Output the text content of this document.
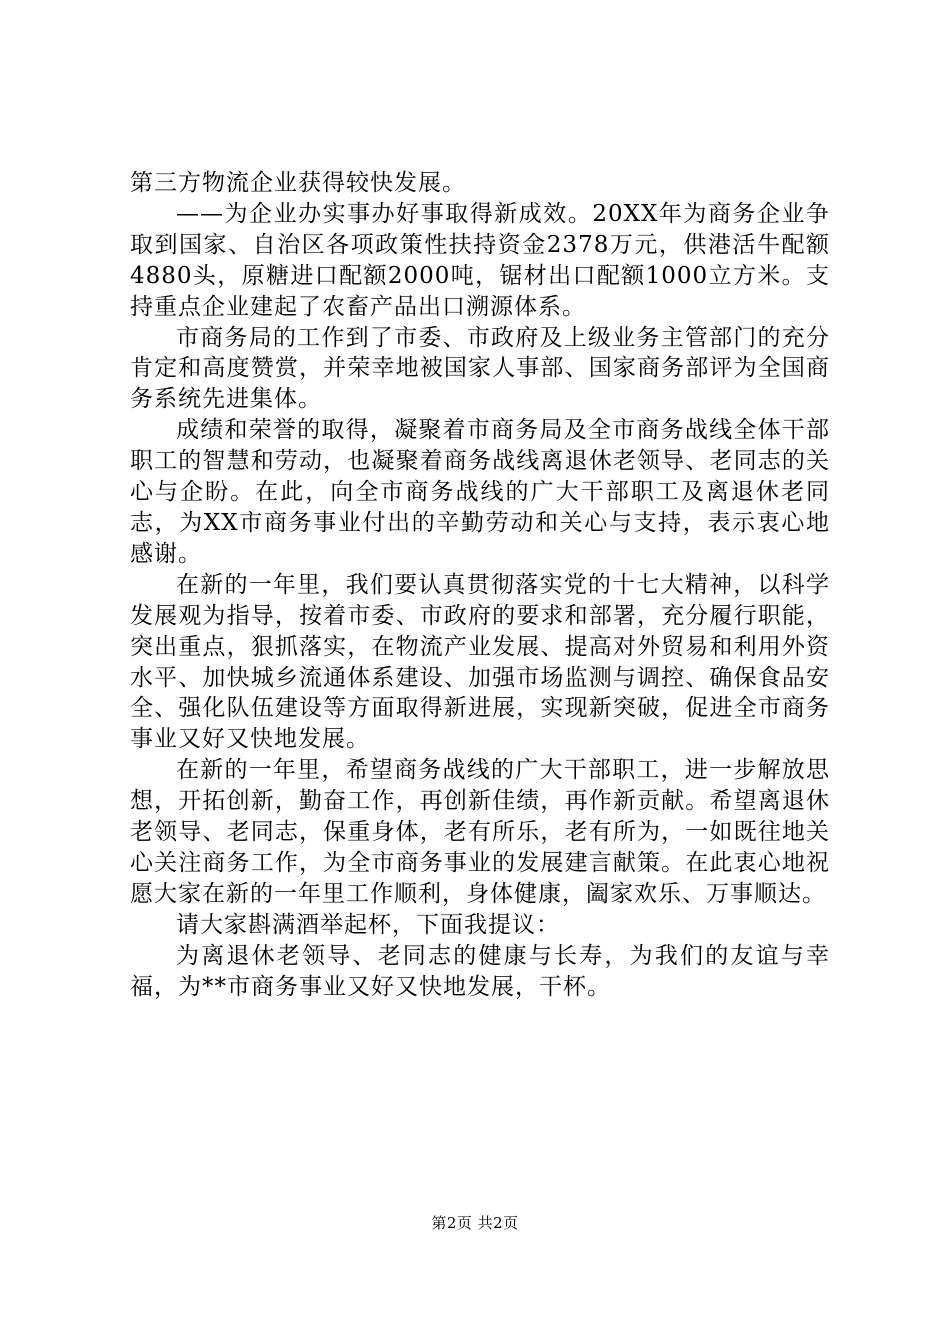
第三方物流企业获得较快发展。

——为企业办实事办好事取得新成效。20XX年为商务企业争取到国家、自治区各项政策性扶持资金2378万元，供港活牛配额4880头，原糖进口配额2000吨，锯材出口配额1000立方米。支持重点企业建起了农畜产品出口溯源体系。

市商务局的工作到了市委、市政府及上级业务主管部门的充分肯定和高度赞赏，并荣幸地被国家人事部、国家商务部评为全国商务系统先进集体。

成绩和荣誉的取得，凝聚着市商务局及全市商务战线全体干部职工的智慧和劳动，也凝聚着商务战线离退休老领导、老同志的关心与企盼。在此，向全市商务战线的广大干部职工及离退休老同志，为XX市商务事业付出的辛勤劳动和关心与支持，表示衷心地感谢。

在新的一年里，我们要认真贯彻落实党的十七大精神，以科学发展观为指导，按着市委、市政府的要求和部署，充分履行职能，突出重点，狠抓落实，在物流产业发展、提高对外贸易和利用外资水平、加快城乡流通体系建设、加强市场监测与调控、确保食品安全、强化队伍建设等方面取得新进展，实现新突破，促进全市商务事业又好又快地发展。

在新的一年里，希望商务战线的广大干部职工，进一步解放思想，开拓创新，勤奋工作，再创新佳绩，再作新贡献。希望离退休老领导、老同志，保重身体，老有所乐，老有所为，一如既往地关心关注商务工作，为全市商务事业的发展建言献策。在此衷心地祝愿大家在新的一年里工作顺利，身体健康，阖家欢乐、万事顺达。

请大家斟满酒举起杯，下面我提议：

为离退休老领导、老同志的健康与长寿，为我们的友谊与幸福，为**市商务事业又好又快地发展，干杯。

第2页 共2页
